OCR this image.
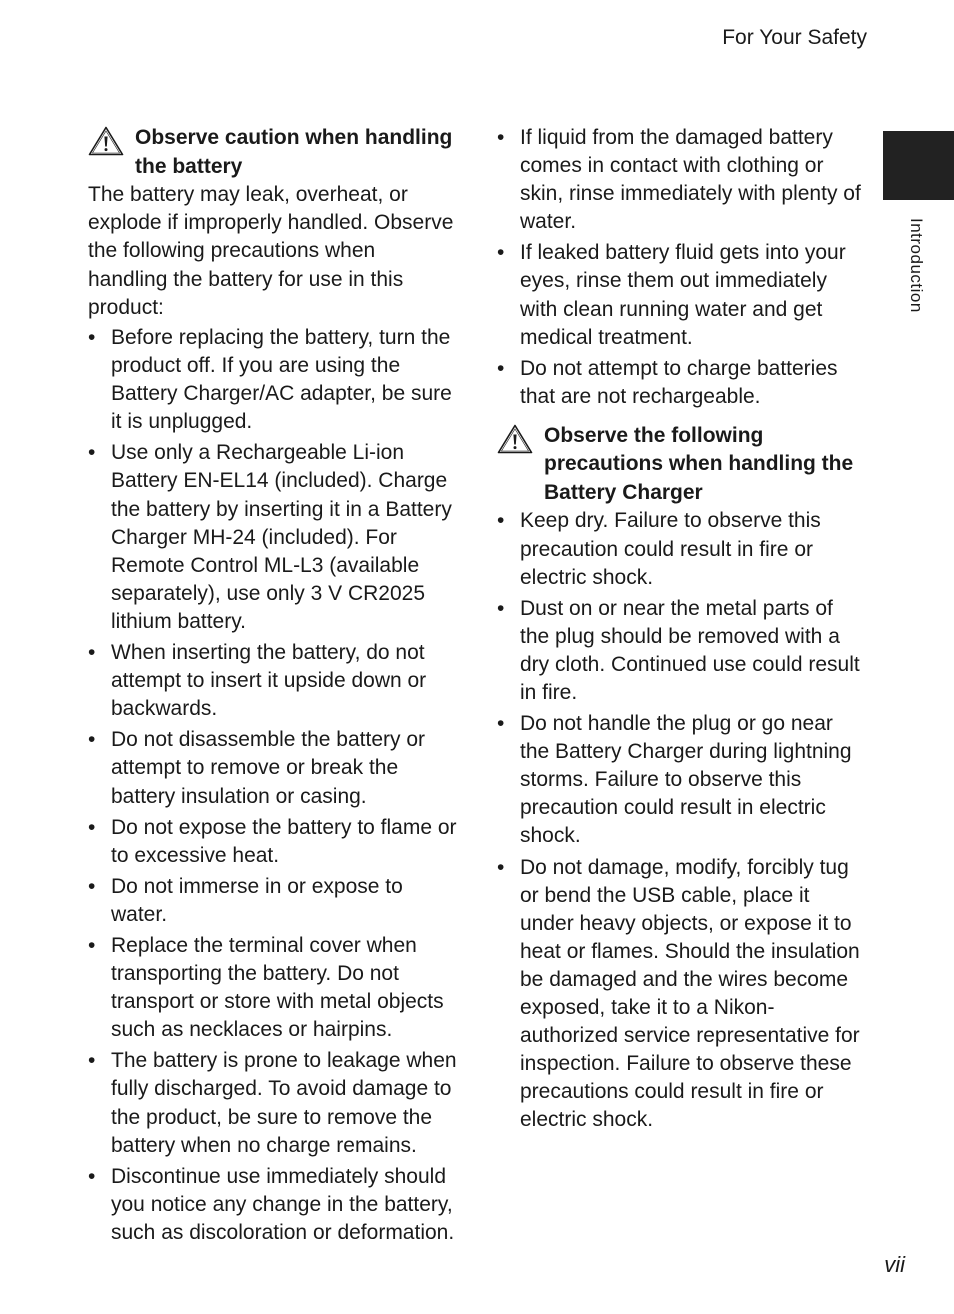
For Your Safety
Introduction
Observe caution when handling the battery

The battery may leak, overheat, or explode if improperly handled. Observe the following precautions when handling the battery for use in this product:

• Before replacing the battery, turn the product off. If you are using the Battery Charger/AC adapter, be sure it is unplugged.
• Use only a Rechargeable Li-ion Battery EN-EL14 (included). Charge the battery by inserting it in a Battery Charger MH-24 (included). For Remote Control ML-L3 (available separately), use only 3 V CR2025 lithium battery.
• When inserting the battery, do not attempt to insert it upside down or backwards.
• Do not disassemble the battery or attempt to remove or break the battery insulation or casing.
• Do not expose the battery to flame or to excessive heat.
• Do not immerse in or expose to water.
• Replace the terminal cover when transporting the battery. Do not transport or store with metal objects such as necklaces or hairpins.
• The battery is prone to leakage when fully discharged. To avoid damage to the product, be sure to remove the battery when no charge remains.
• Discontinue use immediately should you notice any change in the battery, such as discoloration or deformation.
• If liquid from the damaged battery comes in contact with clothing or skin, rinse immediately with plenty of water.
• If leaked battery fluid gets into your eyes, rinse them out immediately with clean running water and get medical treatment.
• Do not attempt to charge batteries that are not rechargeable.
Observe the following precautions when handling the Battery Charger
• Keep dry. Failure to observe this precaution could result in fire or electric shock.
• Dust on or near the metal parts of the plug should be removed with a dry cloth. Continued use could result in fire.
• Do not handle the plug or go near the Battery Charger during lightning storms. Failure to observe this precaution could result in electric shock.
• Do not damage, modify, forcibly tug or bend the USB cable, place it under heavy objects, or expose it to heat or flames. Should the insulation be damaged and the wires become exposed, take it to a Nikon-authorized service representative for inspection. Failure to observe these precautions could result in fire or electric shock.
vii
